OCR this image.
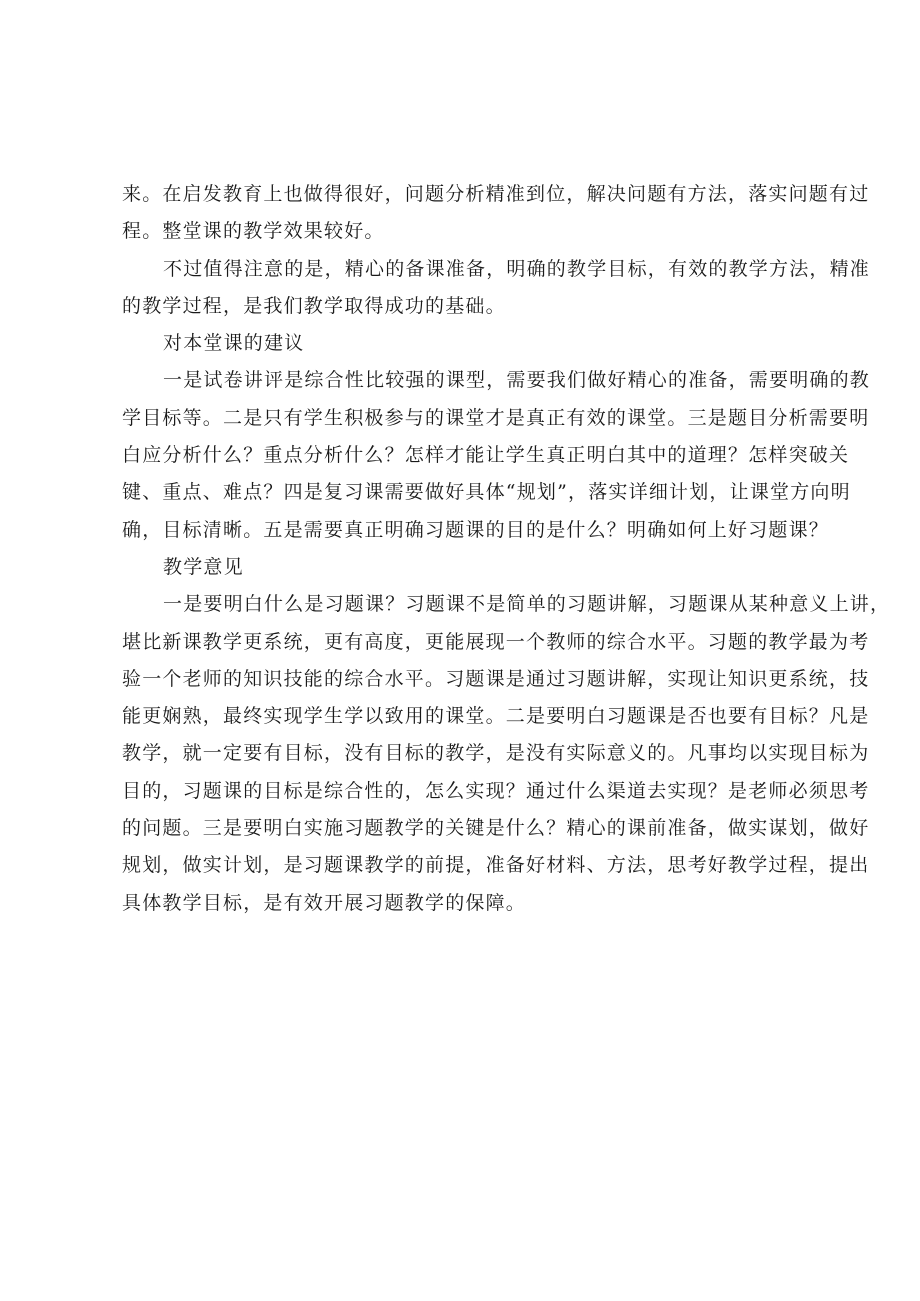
来。在启发教育上也做得很好，问题分析精准到位，解决问题有方法，落实问题有过
程。整堂课的教学效果较好。
不过值得注意的是，精心的备课准备，明确的教学目标，有效的教学方法，精准
的教学过程，是我们教学取得成功的基础。
对本堂课的建议
一是试卷讲评是综合性比较强的课型，需要我们做好精心的准备，需要明确的教
学目标等。二是只有学生积极参与的课堂才是真正有效的课堂。三是题目分析需要明
白应分析什么？重点分析什么？怎样才能让学生真正明白其中的道理？怎样突破关
键、重点、难点？四是复习课需要做好具体“规划”，落实详细计划，让课堂方向明
确，目标清晰。五是需要真正明确习题课的目的是什么？明确如何上好习题课？
教学意见
一是要明白什么是习题课？习题课不是简单的习题讲解，习题课从某种意义上讲，
堪比新课教学更系统，更有高度，更能展现一个教师的综合水平。习题的教学最为考
验一个老师的知识技能的综合水平。习题课是通过习题讲解，实现让知识更系统，技
能更娴熟，最终实现学生学以致用的课堂。二是要明白习题课是否也要有目标？凡是
教学，就一定要有目标，没有目标的教学，是没有实际意义的。凡事均以实现目标为
目的，习题课的目标是综合性的，怎么实现？通过什么渠道去实现？是老师必须思考
的问题。三是要明白实施习题教学的关键是什么？精心的课前准备，做实谋划，做好
规划，做实计划，是习题课教学的前提，准备好材料、方法，思考好教学过程，提出
具体教学目标，是有效开展习题教学的保障。
